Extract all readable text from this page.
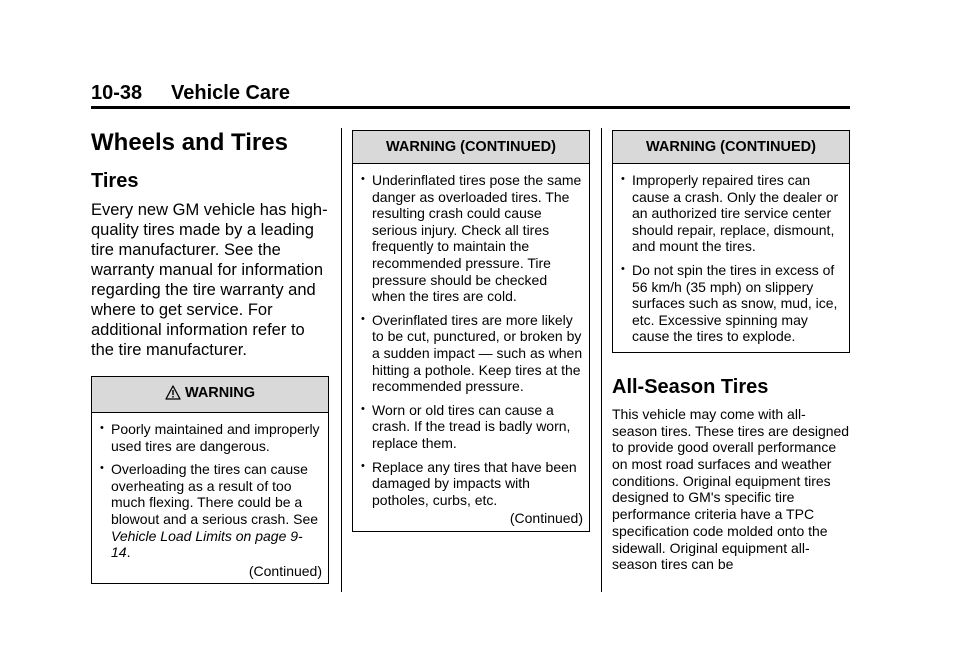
10-38 Vehicle Care
Wheels and Tires
Tires

Every new GM vehicle has high-quality tires made by a leading tire manufacturer. See the warranty manual for information regarding the tire warranty and where to get service. For additional information refer to the tire manufacturer.

WARNING
• Poorly maintained and improperly used tires are dangerous.
• Overloading the tires can cause overheating as a result of too much flexing. There could be a blowout and a serious crash. See Vehicle Load Limits on page 9-14.
(Continued)
WARNING (CONTINUED)
• Underinflated tires pose the same danger as overloaded tires. The resulting crash could cause serious injury. Check all tires frequently to maintain the recommended pressure. Tire pressure should be checked when the tires are cold.
• Overinflated tires are more likely to be cut, punctured, or broken by a sudden impact — such as when hitting a pothole. Keep tires at the recommended pressure.
• Worn or old tires can cause a crash. If the tread is badly worn, replace them.
• Replace any tires that have been damaged by impacts with potholes, curbs, etc.
(Continued)
WARNING (CONTINUED)
• Improperly repaired tires can cause a crash. Only the dealer or an authorized tire service center should repair, replace, dismount, and mount the tires.
• Do not spin the tires in excess of 56 km/h (35 mph) on slippery surfaces such as snow, mud, ice, etc. Excessive spinning may cause the tires to explode.
All-Season Tires

This vehicle may come with all-season tires. These tires are designed to provide good overall performance on most road surfaces and weather conditions. Original equipment tires designed to GM's specific tire performance criteria have a TPC specification code molded onto the sidewall. Original equipment all-season tires can be
